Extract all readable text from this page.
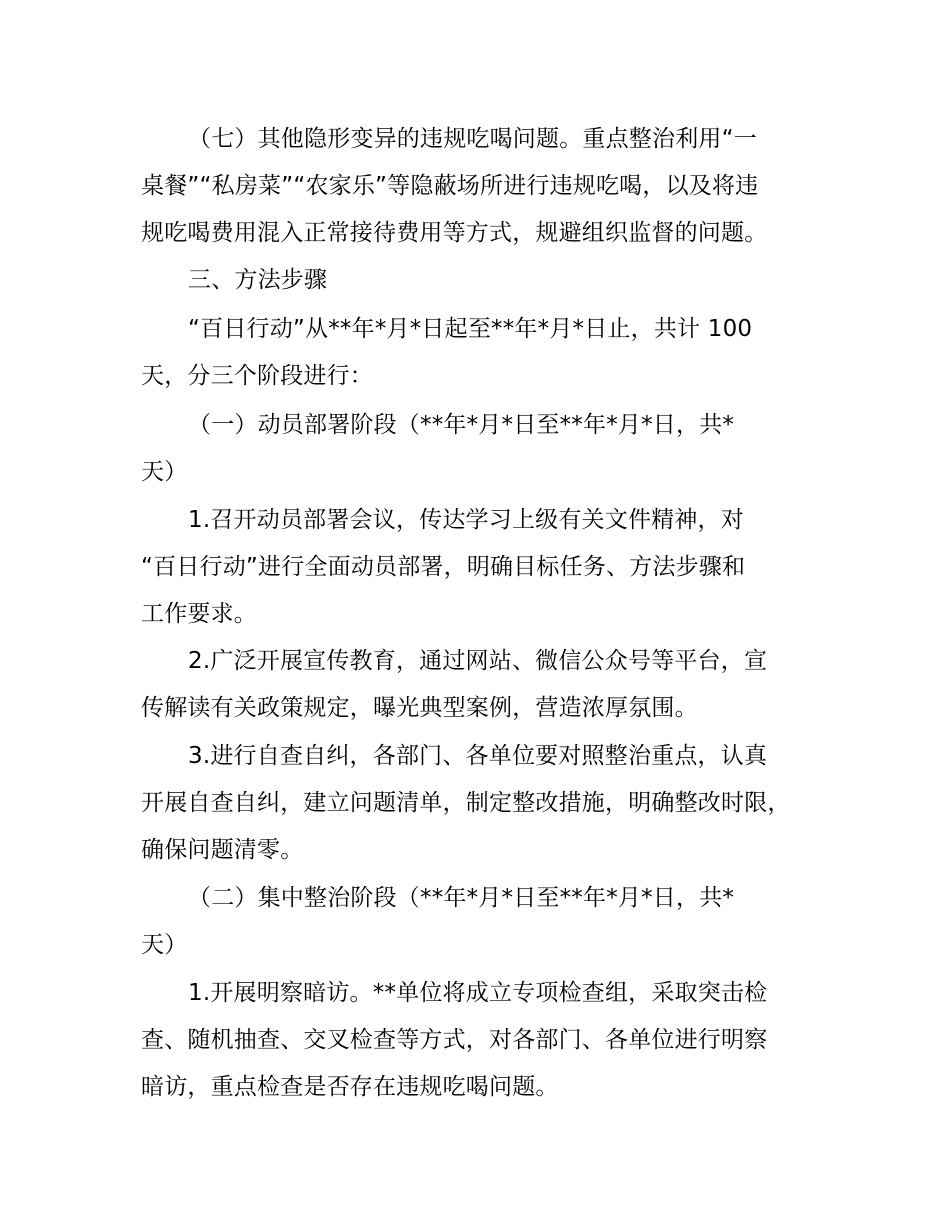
（七）其他隐形变异的违规吃喝问题。重点整治利用“一
桌餐”“私房菜”“农家乐”等隐蔽场所进行违规吃喝，以及将违
规吃喝费用混入正常接待费用等方式，规避组织监督的问题。
三、方法步骤
“百日行动”从**年*月*日起至**年*月*日止，共计 100
天，分三个阶段进行：
（一）动员部署阶段（**年*月*日至**年*月*日，共*
天）
1.召开动员部署会议，传达学习上级有关文件精神，对
“百日行动”进行全面动员部署，明确目标任务、方法步骤和
工作要求。
2.广泛开展宣传教育，通过网站、微信公众号等平台，宣
传解读有关政策规定，曝光典型案例，营造浓厚氛围。
3.进行自查自纠，各部门、各单位要对照整治重点，认真
开展自查自纠，建立问题清单，制定整改措施，明确整改时限，
确保问题清零。
（二）集中整治阶段（**年*月*日至**年*月*日，共*
天）
1.开展明察暗访。**单位将成立专项检查组，采取突击检
查、随机抽查、交叉检查等方式，对各部门、各单位进行明察
暗访，重点检查是否存在违规吃喝问题。
